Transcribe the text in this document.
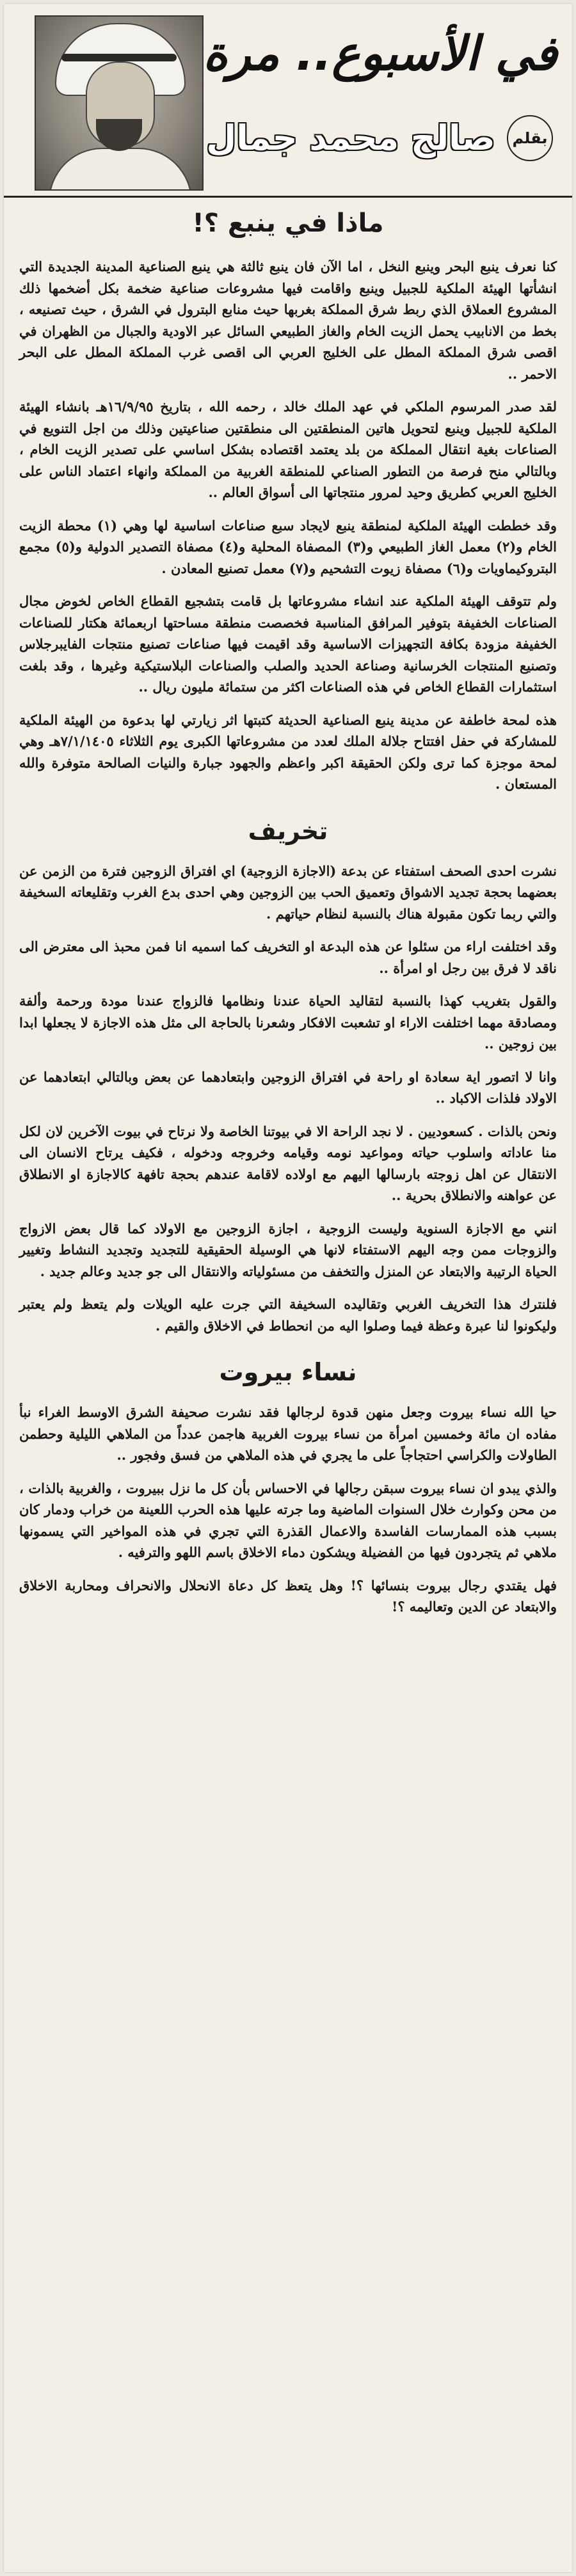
في الأسبوع.. مرة
بقلم
صالح محمد جمال
ماذا في ينبع ؟!

كنا نعرف ينبع البحر وينبع النخل ، اما الآن فان ينبع ثالثة هي ينبع الصناعية المدينة الجديدة التي انشأتها الهيئة الملكية للجبيل وينبع واقامت فيها مشروعات صناعية ضخمة بكل أضخمها ذلك المشروع العملاق الذي ربط شرق المملكة بغربها حيث منابع البترول في الشرق ، حيث تصنيعه ، بخط من الانابيب يحمل الزيت الخام والغاز الطبيعي السائل عبر الاودية والجبال من الظهران في اقصى شرق المملكة المطل على الخليج العربي الى اقصى غرب المملكة المطل على البحر الاحمر ..

لقد صدر المرسوم الملكي في عهد الملك خالد ، رحمه الله ، بتاريخ ١٦/٩/٩٥هـ بانشاء الهيئة الملكية للجبيل وينبع لتحويل هاتين المنطقتين الى منطقتين صناعيتين وذلك من اجل التنويع في الصناعات بغية انتقال المملكة من بلد يعتمد اقتصاده بشكل اساسي على تصدير الزيت الخام ، وبالتالي منح فرصة من التطور الصناعي للمنطقة الغربية من المملكة وانهاء اعتماد الناس على الخليج العربي كطريق وحيد لمرور منتجاتها الى أسواق العالم ..

وقد خططت الهيئة الملكية لمنطقة ينبع لايجاد سبع صناعات اساسية لها وهي (١) محطة الزيت الخام و(٢) معمل الغاز الطبيعي و(٣) المصفاة المحلية و(٤) مصفاة التصدير الدولية و(٥) مجمع البتروكيماويات و(٦) مصفاة زيوت التشحيم و(٧) معمل تصنيع المعادن .

ولم تتوقف الهيئة الملكية عند انشاء مشروعاتها بل قامت بتشجيع القطاع الخاص لخوض مجال الصناعات الخفيفة بتوفير المرافق المناسبة فخصصت منطقة مساحتها اربعمائة هكتار للصناعات الخفيفة مزودة بكافة التجهيزات الاساسية وقد اقيمت فيها صناعات تصنيع منتجات الفايبرجلاس وتصنيع المنتجات الخرسانية وصناعة الحديد والصلب والصناعات البلاستيكية وغيرها ، وقد بلغت استثمارات القطاع الخاص في هذه الصناعات اكثر من ستمائة مليون ريال ..

هذه لمحة خاطفة عن مدينة ينبع الصناعية الحديثة كتبتها اثر زيارتي لها بدعوة من الهيئة الملكية للمشاركة في حفل افتتاح جلالة الملك لعدد من مشروعاتها الكبرى يوم الثلاثاء ٧/١/١٤٠٥هـ وهي لمحة موجزة كما ترى ولكن الحقيقة اكبر واعظم والجهود جبارة والنيات الصالحة متوفرة والله المستعان .

تخريف

نشرت احدى الصحف استفتاء عن بدعة (الاجازة الزوجية) اي افتراق الزوجين فترة من الزمن عن بعضهما بحجة تجديد الاشواق وتعميق الحب بين الزوجين وهي احدى بدع الغرب وتقليعاته السخيفة والتي ربما تكون مقبولة هناك بالنسبة لنظام حياتهم .

وقد اختلفت اراء من سئلوا عن هذه البدعة او التخريف كما اسميه انا فمن محبذ الى معترض الى ناقد لا فرق بين رجل او امرأة ..

والقول بتغريب كهذا بالنسبة لتقاليد الحياة عندنا ونظامها فالزواج عندنا مودة ورحمة وألفة ومصادقة مهما اختلفت الاراء او تشعبت الافكار وشعرنا بالحاجة الى مثل هذه الاجازة لا يجعلها ابدا بين زوجين ..

وانا لا اتصور اية سعادة او راحة في افتراق الزوجين وابتعادهما عن بعض وبالتالي ابتعادهما عن الاولاد فلذات الاكباد ..

ونحن بالذات . كسعوديين . لا نجد الراحة الا في بيوتنا الخاصة ولا نرتاح في بيوت الآخرين لان لكل منا عاداته واسلوب حياته ومواعيد نومه وقيامه وخروجه ودخوله ، فكيف يرتاح الانسان الى الانتقال عن اهل زوجته بارسالها اليهم مع اولاده لاقامة عندهم بحجة تافهة كالاجازة او الانطلاق عن عواهنه والانطلاق بحرية ..

انني مع الاجازة السنوية وليست الزوجية ، اجازة الزوجين مع الاولاد كما قال بعض الازواج والزوجات ممن وجه اليهم الاستفتاء لانها هي الوسيلة الحقيقية للتجديد وتجديد النشاط وتغيير الحياة الرتيبة والابتعاد عن المنزل والتخفف من مسئولياته والانتقال الى جو جديد وعالم جديد .

فلنترك هذا التخريف الغربي وتقاليده السخيفة التي جرت عليه الويلات ولم يتعظ ولم يعتبر وليكونوا لنا عبرة وعظة فيما وصلوا اليه من انحطاط في الاخلاق والقيم .

نساء بيروت

حيا الله نساء بيروت وجعل منهن قدوة لرجالها فقد نشرت صحيفة الشرق الاوسط الغراء نبأ مفاده ان مائة وخمسين امرأة من نساء بيروت الغربية هاجمن عدداً من الملاهي الليلية وحطمن الطاولات والكراسي احتجاجاً على ما يجري في هذه الملاهي من فسق وفجور ..

والذي يبدو ان نساء بيروت سبقن رجالها في الاحساس بأن كل ما نزل ببيروت ، والغربية بالذات ، من محن وكوارث خلال السنوات الماضية وما جرته عليها هذه الحرب اللعينة من خراب ودمار كان بسبب هذه الممارسات الفاسدة والاعمال القذرة التي تجري في هذه المواخير التي يسمونها ملاهي ثم يتجردون فيها من الفضيلة ويشكون دماء الاخلاق باسم اللهو والترفيه .

فهل يقتدي رجال بيروت بنسائها ؟! وهل يتعظ كل دعاة الانحلال والانحراف ومحاربة الاخلاق والابتعاد عن الدين وتعاليمه ؟!
